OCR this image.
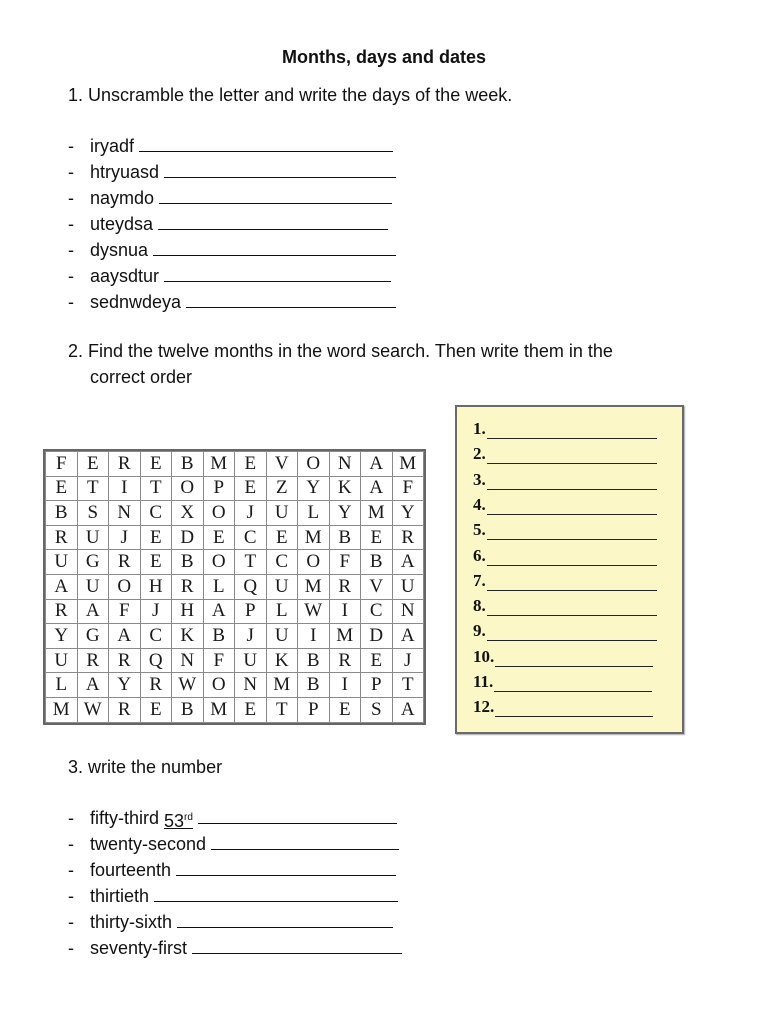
Months, days and dates
1. Unscramble the letter and write the days of the week.
- iryadf
- htryuasd
- naymdo
- uteydsa
- dysnua
- aaysdtur
- sednwdeya
2. Find the twelve months in the word search. Then write them in the
correct order
F	E	R	E	B	M	E	V	O	N	A	M
E	T	I	T	O	P	E	Z	Y	K	A	F
B	S	N	C	X	O	J	U	L	Y	M	Y
R	U	J	E	D	E	C	E	M	B	E	R
U	G	R	E	B	O	T	C	O	F	B	A
A	U	O	H	R	L	Q	U	M	R	V	U
R	A	F	J	H	A	P	L	W	I	C	N
Y	G	A	C	K	B	J	U	I	M	D	A
U	R	R	Q	N	F	U	K	B	R	E	J
L	A	Y	R	W	O	N	M	B	I	P	T
M	W	R	E	B	M	E	T	P	E	S	A
1.
2.
3.
4.
5.
6.
7.
8.
9.
10.
11.
12.
3. write the number
- fifty-third 53rd
- twenty-second
- fourteenth
- thirtieth
- thirty-sixth
- seventy-first
